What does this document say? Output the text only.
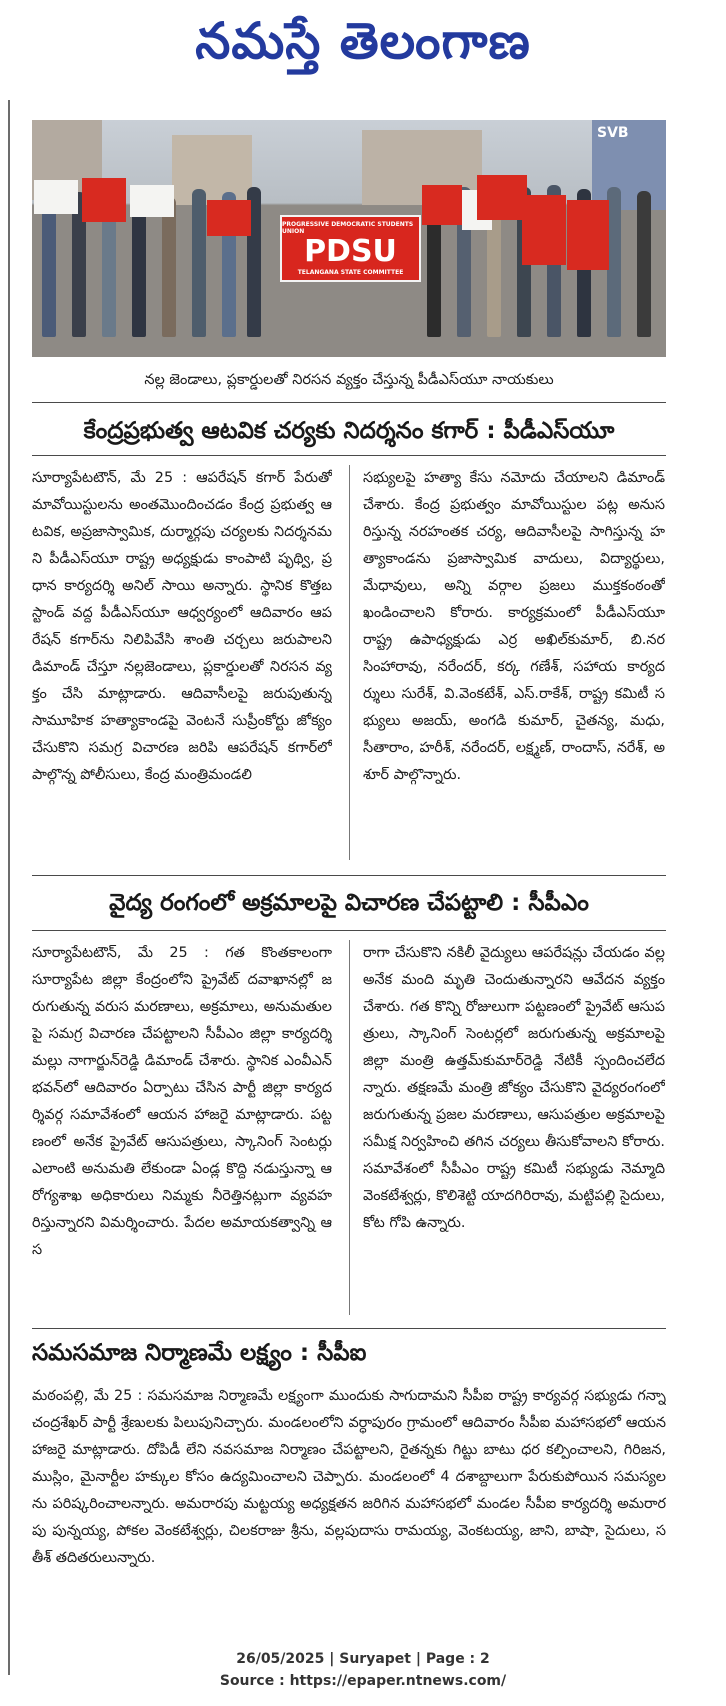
నమస్తే తెలంగాణ
SVB
PROGRESSIVE DEMOCRATIC STUDENTS UNION
PDSU
TELANGANA STATE COMMITTEE
నల్ల జెండాలు, ప్లకార్డులతో నిరసన వ్యక్తం చేస్తున్న పీడీఎస్‌యూ నాయకులు
కేంద్రప్రభుత్వ ఆటవిక చర్యకు నిదర్శనం కగార్ : పీడీఎస్‌యూ
సూర్యాపేటటౌన్, మే 25 : ఆపరేషన్ కగార్ పేరుతో మావోయిస్టులను అంతమొందించడం కేంద్ర ప్రభుత్వ ఆటవిక, అప్రజాస్వామిక, దుర్మార్గపు చర్యలకు నిదర్శనమని పీడీఎస్‌యూ రాష్ట్ర అధ్యక్షుడు కాంపాటి పృథ్వి, ప్రధాన కార్యదర్శి అనిల్ సాయి అన్నారు. స్థానిక కొత్తబస్టాండ్ వద్ద పీడీఎస్‌యూ ఆధ్వర్యంలో ఆదివారం ఆపరేషన్ కగార్‌ను నిలిపివేసి శాంతి చర్చలు జరుపాలని డిమాండ్ చేస్తూ నల్లజెండాలు, ప్లకార్డులతో నిరసన వ్యక్తం చేసి మాట్లాడారు. ఆదివాసీలపై జరుపుతున్న సామూహిక హత్యాకాండపై వెంటనే సుప్రీంకోర్టు జోక్యం చేసుకొని సమగ్ర విచారణ జరిపి ఆపరేషన్ కగార్‌లో పాల్గొన్న పోలీసులు, కేంద్ర మంత్రిమండలి
సభ్యులపై హత్యా కేసు నమోదు చేయాలని డిమాండ్ చేశారు. కేంద్ర ప్రభుత్వం మావోయిస్టుల పట్ల అనుసరిస్తున్న నరహంతక చర్య, ఆదివాసీలపై సాగిస్తున్న హత్యాకాండను ప్రజాస్వామిక వాదులు, విద్యార్థులు, మేధావులు, అన్ని వర్గాల ప్రజలు ముక్తకంఠంతో ఖండించాలని కోరారు. కార్యక్రమంలో పీడీఎస్‌యూ రాష్ట్ర ఉపాధ్యక్షుడు ఎర్ర అఖిల్‌కుమార్, బి.నరసింహారావు, నరేందర్, కర్క గణేశ్, సహాయ కార్యదర్శులు సురేశ్, వి.వెంకటేశ్, ఎస్.రాకేశ్, రాష్ట్ర కమిటీ సభ్యులు అజయ్, అంగడి కుమార్, చైతన్య, మధు, సీతారాం, హరీశ్, నరేందర్, లక్ష్మణ్, రాందాస్, నరేశ్, అశూర్ పాల్గొన్నారు.
వైద్య రంగంలో అక్రమాలపై విచారణ చేపట్టాలి : సీపీఎం
సూర్యాపేటటౌన్, మే 25 : గత కొంతకాలంగా సూర్యాపేట జిల్లా కేంద్రంలోని ప్రైవేట్ దవాఖానల్లో జరుగుతున్న వరుస మరణాలు, అక్రమాలు, అనుమతులపై సమగ్ర విచారణ చేపట్టాలని సీపీఎం జిల్లా కార్యదర్శి మల్లు నాగార్జున్‌రెడ్డి డిమాండ్ చేశారు. స్థానిక ఎంవీఎన్ భవన్‌లో ఆదివారం ఏర్పాటు చేసిన పార్టీ జిల్లా కార్యదర్శివర్గ సమావేశంలో ఆయన హాజరై మాట్లాడారు. పట్టణంలో అనేక ప్రైవేట్ ఆసుపత్రులు, స్కానింగ్ సెంటర్లు ఎలాంటి అనుమతి లేకుండా ఏండ్ల కొద్ది నడుస్తున్నా ఆరోగ్యశాఖ అధికారులు నిమ్మకు నీరెత్తినట్లుగా వ్యవహరిస్తున్నారని విమర్శించారు. పేదల అమాయకత్వాన్ని ఆస
రాగా చేసుకొని నకిలీ వైద్యులు ఆపరేషన్లు చేయడం వల్ల అనేక మంది మృతి చెందుతున్నారని ఆవేదన వ్యక్తం చేశారు. గత కొన్ని రోజులుగా పట్టణంలో ప్రైవేట్ ఆసుపత్రులు, స్కానింగ్ సెంటర్లలో జరుగుతున్న అక్రమాలపై జిల్లా మంత్రి ఉత్తమ్‌కుమార్‌రెడ్డి నేటికీ స్పందించలేదన్నారు. తక్షణమే మంత్రి జోక్యం చేసుకొని వైద్యరంగంలో జరుగుతున్న ప్రజల మరణాలు, ఆసుపత్రుల అక్రమాలపై సమీక్ష నిర్వహించి తగిన చర్యలు తీసుకోవాలని కోరారు. సమావేశంలో సీపీఎం రాష్ట్ర కమిటీ సభ్యుడు నెమ్మాది వెంకటేశ్వర్లు, కొలిశెట్టి యాదగిరిరావు, మట్టిపల్లి సైదులు, కోట గోపి ఉన్నారు.
సమసమాజ నిర్మాణమే లక్ష్యం : సీపీఐ
మఠంపల్లి, మే 25 : సమసమాజ నిర్మాణమే లక్ష్యంగా ముందుకు సాగుదామని సీపీఐ రాష్ట్ర కార్యవర్గ సభ్యుడు గన్నా చంద్రశేఖర్ పార్టీ శ్రేణులకు పిలుపునిచ్చారు. మండలంలోని వర్ధాపురం గ్రామంలో ఆదివారం సీపీఐ మహాసభలో ఆయన హాజరై మాట్లాడారు. దోపిడీ లేని నవసమాజ నిర్మాణం చేపట్టాలని, రైతన్నకు గిట్టు బాటు ధర కల్పించాలని, గిరిజన, ముస్లిం, మైనార్టీల హక్కుల కోసం ఉద్యమించాలని చెప్పారు. మండలంలో 4 దశాబ్దాలుగా పేరుకుపోయిన సమస్యలను పరిష్కరించాలన్నారు. అమరారపు మట్టయ్య అధ్యక్షతన జరిగిన మహాసభలో మండల సీపీఐ కార్యదర్శి అమరారపు పున్నయ్య, పోకల వెంకటేశ్వర్లు, చిలకరాజు శ్రీను, వల్లపుదాసు రామయ్య, వెంకటయ్య, జాని, బాషా, సైదులు, సతీశ్ తదితరులున్నారు.
26/05/2025 | Suryapet | Page : 2
Source : https://epaper.ntnews.com/
